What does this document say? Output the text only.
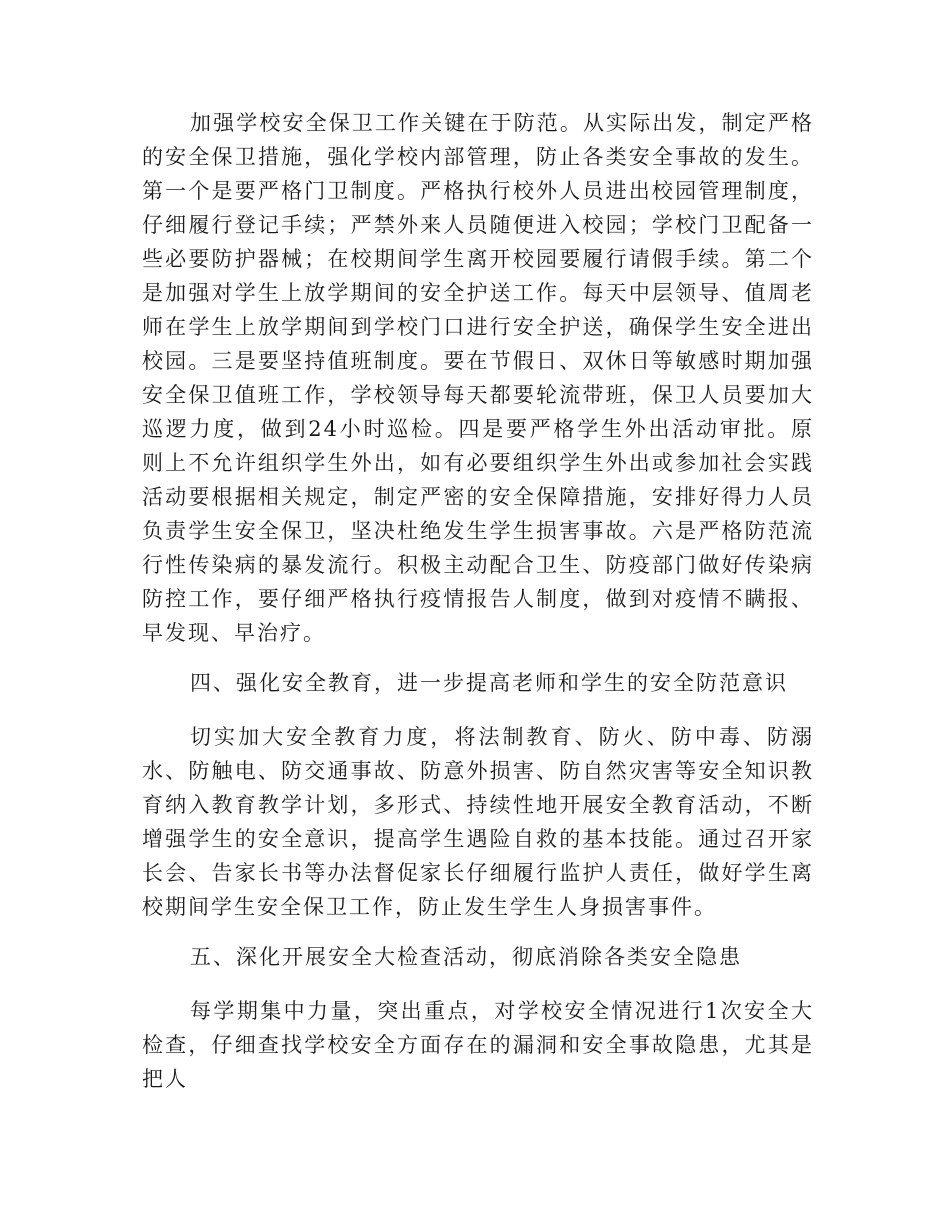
加强学校安全保卫工作关键在于防范。从实际出发，制定严格的安全保卫措施，强化学校内部管理，防止各类安全事故的发生。第一个是要严格门卫制度。严格执行校外人员进出校园管理制度，仔细履行登记手续；严禁外来人员随便进入校园；学校门卫配备一些必要防护器械；在校期间学生离开校园要履行请假手续。第二个是加强对学生上放学期间的安全护送工作。每天中层领导、值周老师在学生上放学期间到学校门口进行安全护送，确保学生安全进出校园。三是要坚持值班制度。要在节假日、双休日等敏感时期加强安全保卫值班工作，学校领导每天都要轮流带班，保卫人员要加大巡逻力度，做到24小时巡检。四是要严格学生外出活动审批。原则上不允许组织学生外出，如有必要组织学生外出或参加社会实践活动要根据相关规定，制定严密的安全保障措施，安排好得力人员负责学生安全保卫，坚决杜绝发生学生损害事故。六是严格防范流行性传染病的暴发流行。积极主动配合卫生、防疫部门做好传染病防控工作，要仔细严格执行疫情报告人制度，做到对疫情不瞒报、早发现、早治疗。

四、强化安全教育，进一步提高老师和学生的安全防范意识

切实加大安全教育力度，将法制教育、防火、防中毒、防溺水、防触电、防交通事故、防意外损害、防自然灾害等安全知识教育纳入教育教学计划，多形式、持续性地开展安全教育活动，不断增强学生的安全意识，提高学生遇险自救的基本技能。通过召开家长会、告家长书等办法督促家长仔细履行监护人责任，做好学生离校期间学生安全保卫工作，防止发生学生人身损害事件。

五、深化开展安全大检查活动，彻底消除各类安全隐患

每学期集中力量，突出重点，对学校安全情况进行1次安全大检查，仔细查找学校安全方面存在的漏洞和安全事故隐患，尤其是把人
